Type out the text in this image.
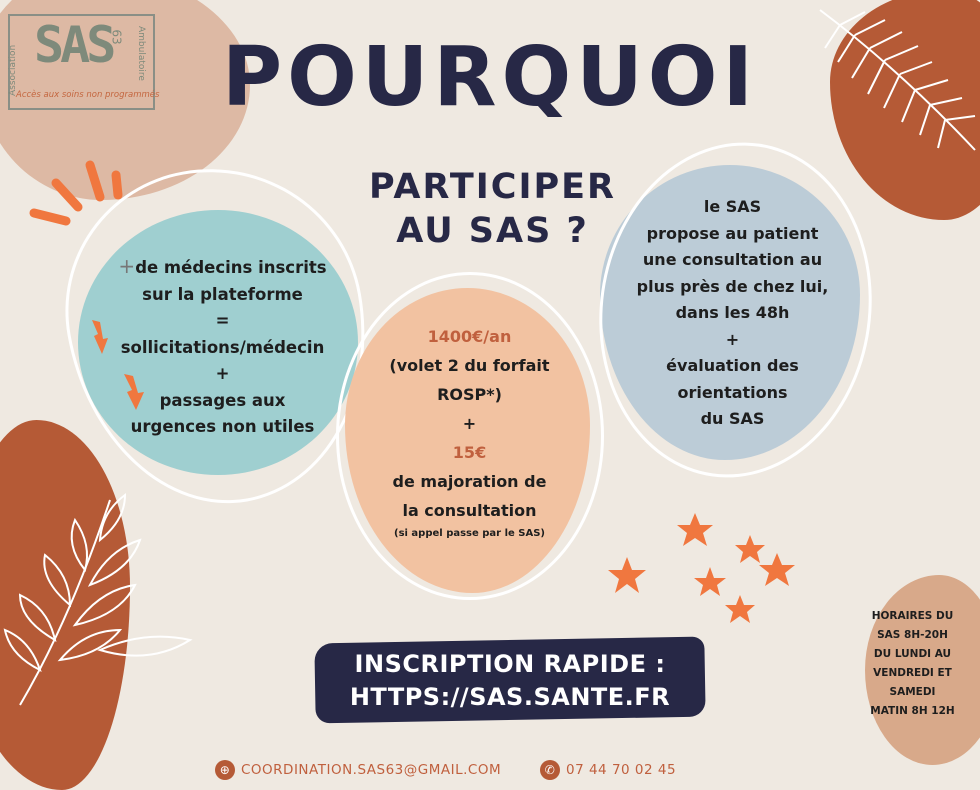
SAS
63
Association	Ambulatoire
Accès aux soins non programmés POURQUOI
PARTICIPER
AU SAS ?
+de médecins inscrits
sur la plateforme
=
sollicitations/médecin
+
passages aux
urgences non utiles
1400€/an
(volet 2 du forfait
ROSP*)
+
15€
de majoration de
la consultation
(si appel passe par le SAS)
le SAS
propose au patient
une consultation au
plus près de chez lui,
dans les 48h
+
évaluation des
orientations
du SAS
INSCRIPTION RAPIDE :
HTTPS://SAS.SANTE.FR
HORAIRES DU
SAS 8H-20H
DU LUNDI AU
VENDREDI ET
SAMEDI
MATIN 8H 12H
⊕ COORDINATION.SAS63@GMAIL.COM	✆ 07 44 70 02 45
